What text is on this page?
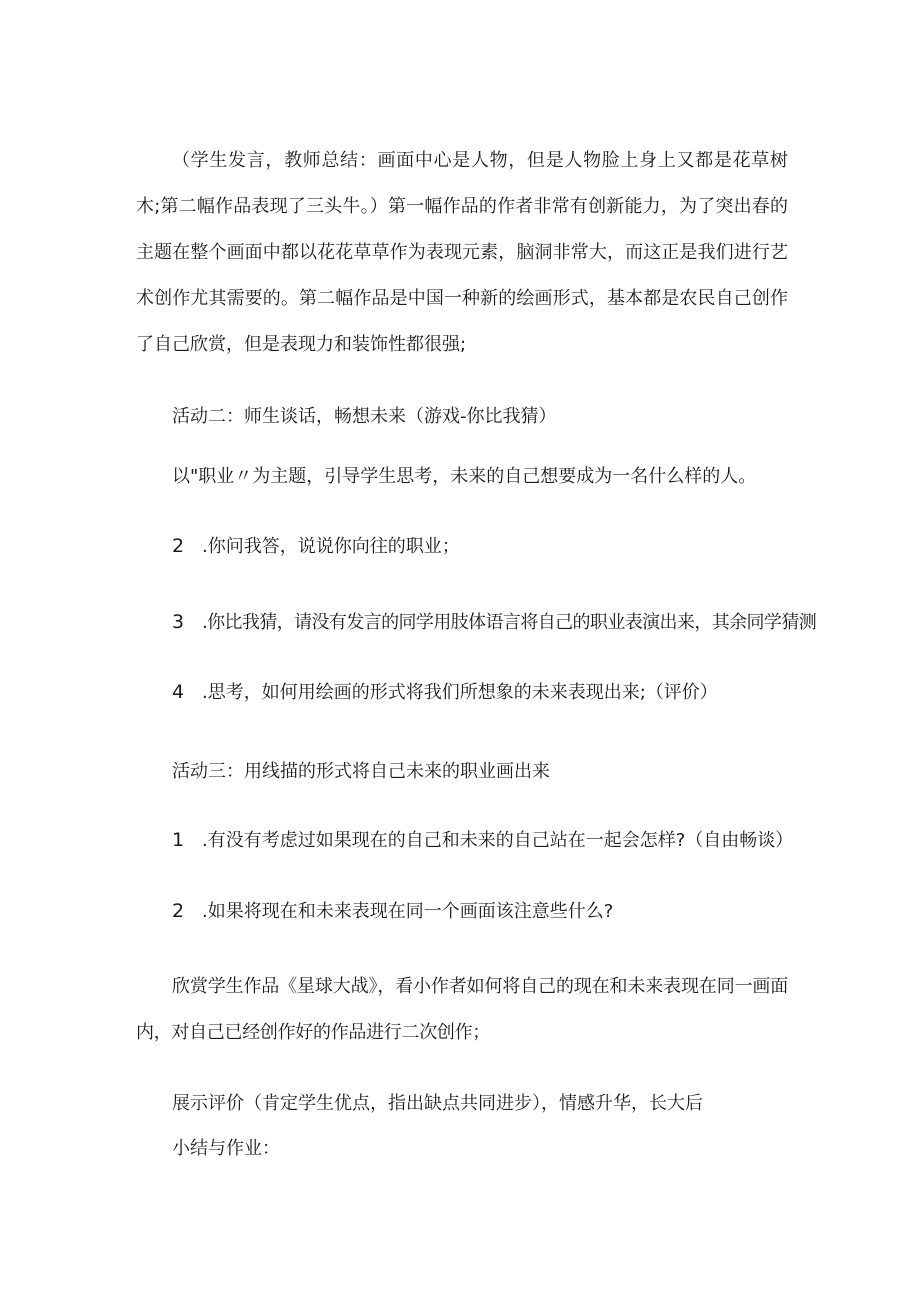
（学生发言，教师总结：画面中心是人物，但是人物脸上身上又都是花草树木;第二幅作品表现了三头牛。）第一幅作品的作者非常有创新能力，为了突出春的主题在整个画面中都以花花草草作为表现元素，脑洞非常大，而这正是我们进行艺术创作尤其需要的。第二幅作品是中国一种新的绘画形式，基本都是农民自己创作了自己欣赏，但是表现力和装饰性都很强;

活动二：师生谈话，畅想未来（游戏-你比我猜）

以"职业〃为主题，引导学生思考，未来的自己想要成为一名什么样的人。

2 .你问我答，说说你向往的职业；

3 .你比我猜，请没有发言的同学用肢体语言将自己的职业表演出来，其余同学猜测

4 .思考，如何用绘画的形式将我们所想象的未来表现出来;（评价）

活动三：用线描的形式将自己未来的职业画出来

1 .有没有考虑过如果现在的自己和未来的自己站在一起会怎样?（自由畅谈）

2 .如果将现在和未来表现在同一个画面该注意些什么?

欣赏学生作品《星球大战》，看小作者如何将自己的现在和未来表现在同一画面内，对自己已经创作好的作品进行二次创作；

展示评价（肯定学生优点，指出缺点共同进步），情感升华，长大后

小结与作业：
